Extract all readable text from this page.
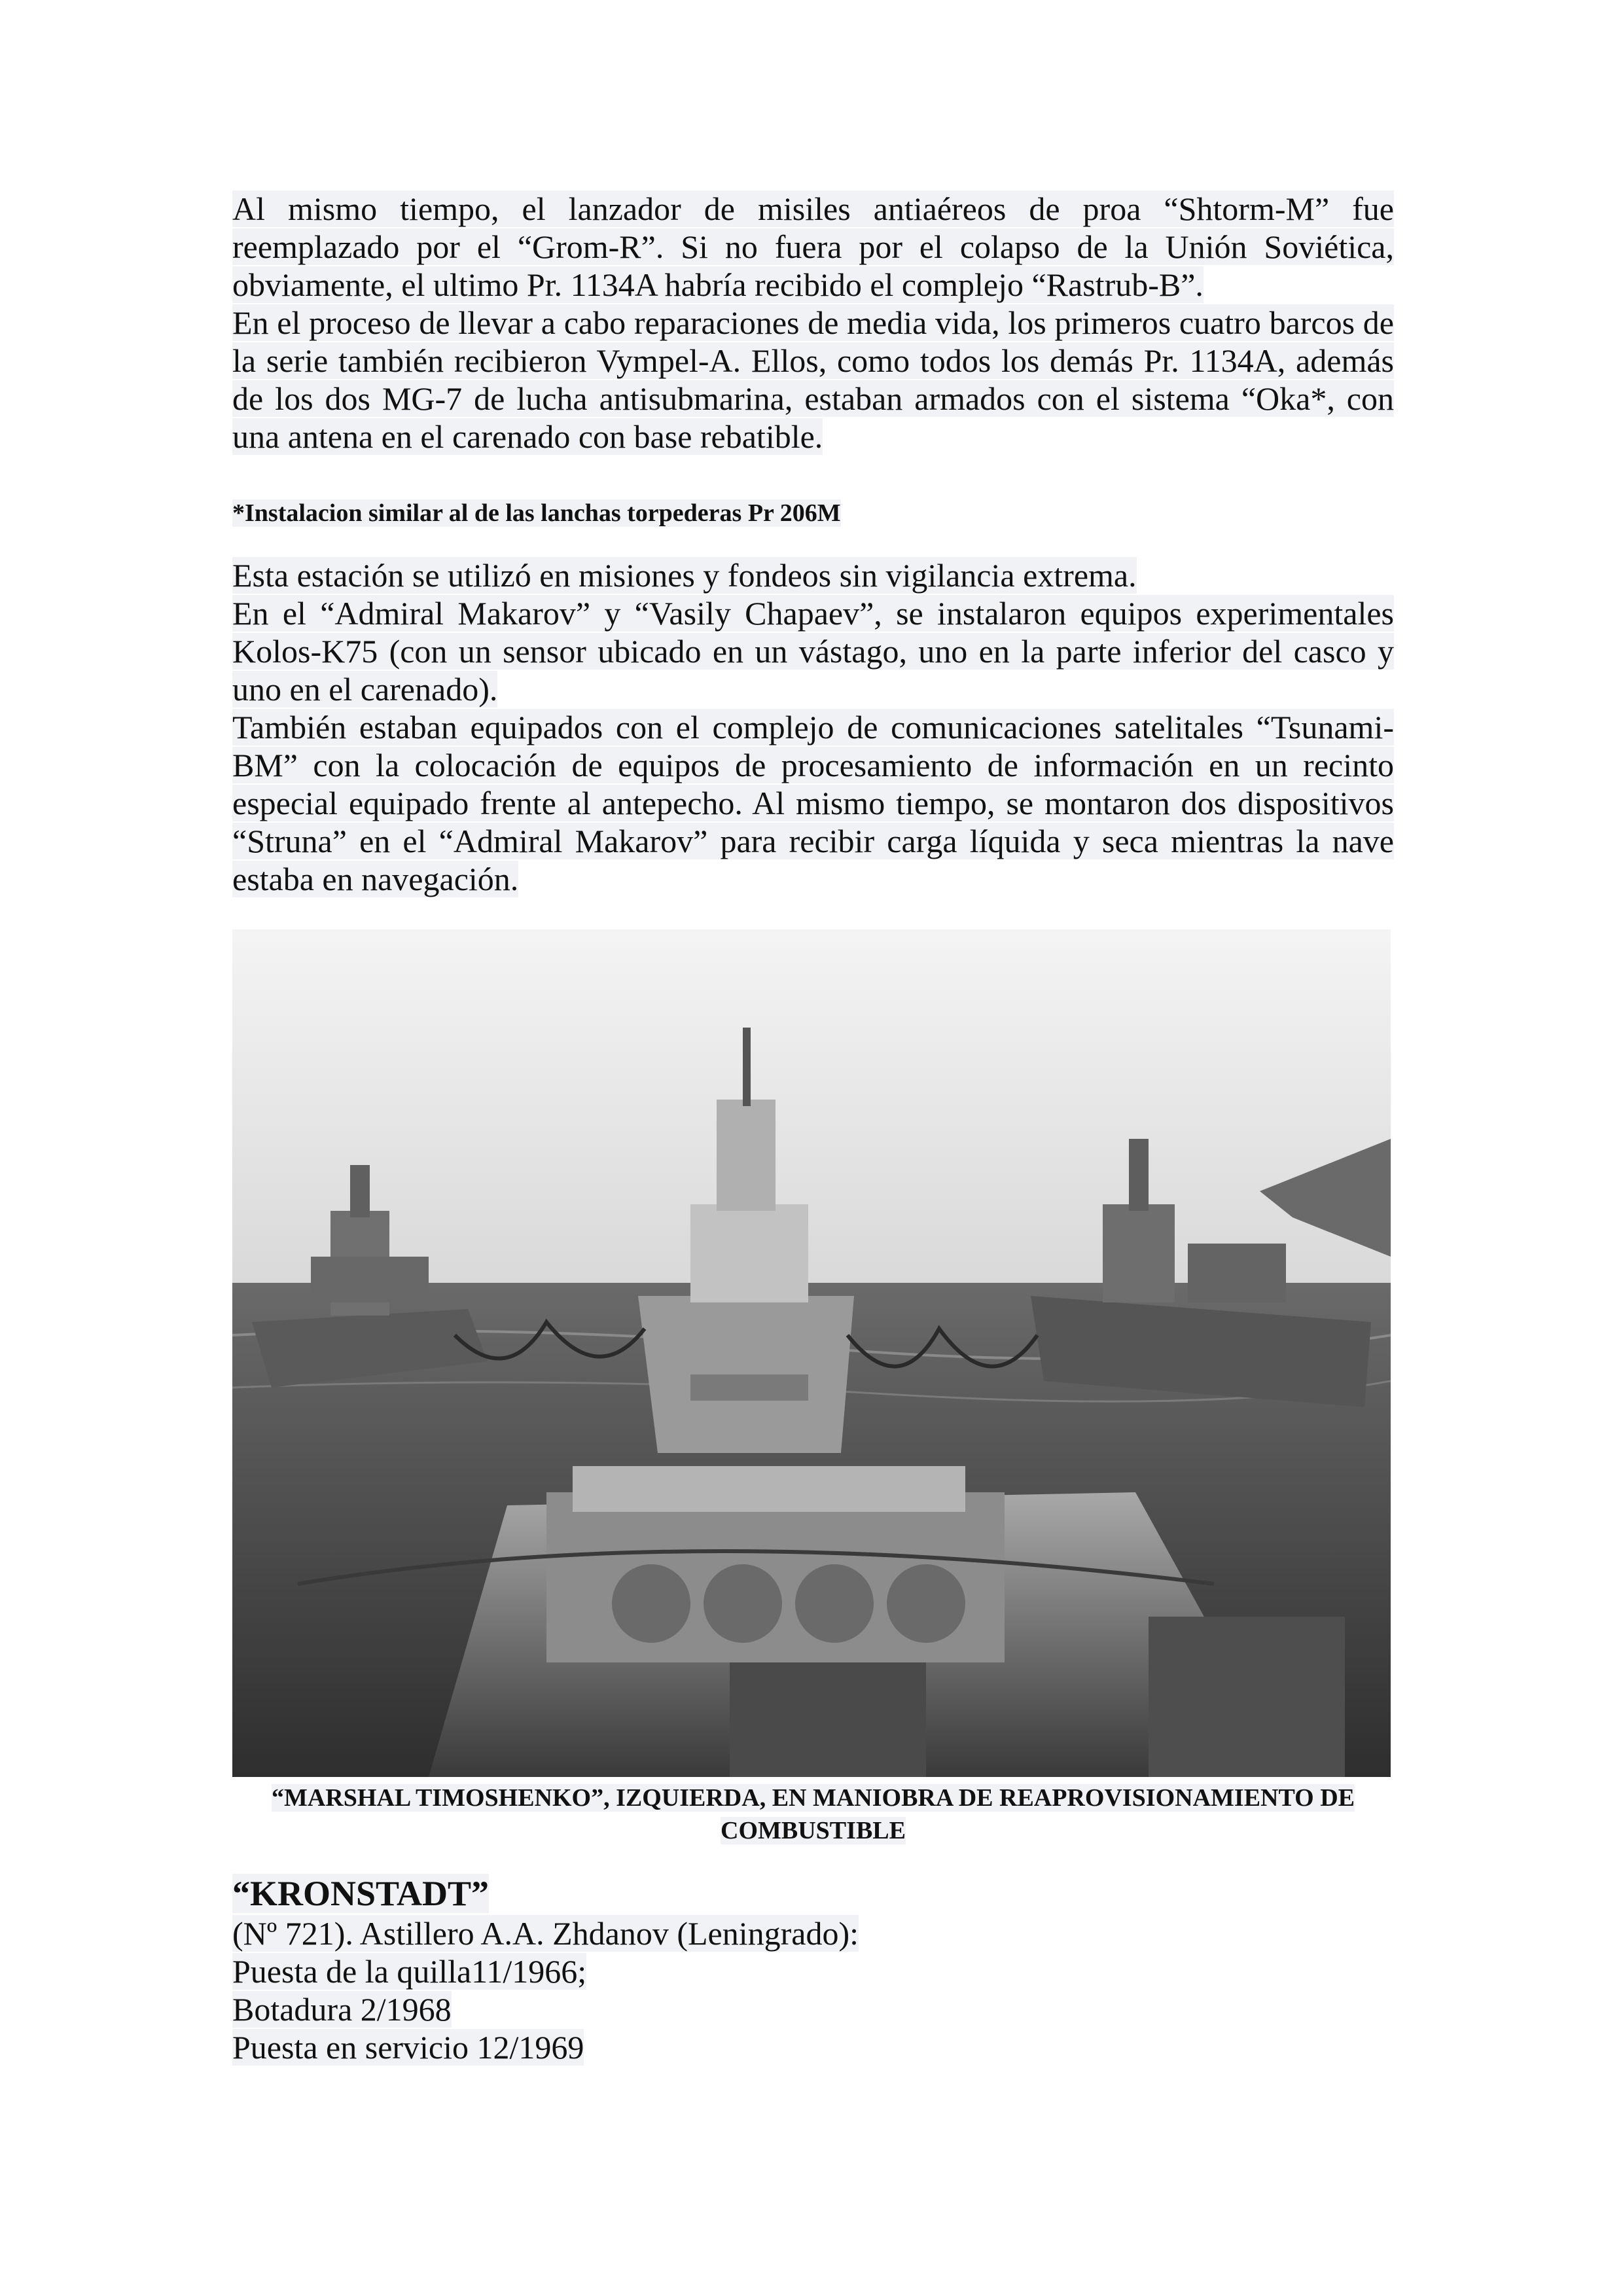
Al mismo tiempo, el lanzador de misiles antiaéreos de proa “Shtorm-M” fue reemplazado por el “Grom-R”. Si no fuera por el colapso de la Unión Soviética, obviamente, el ultimo Pr. 1134A habría recibido el complejo “Rastrub-B”.

En el proceso de llevar a cabo reparaciones de media vida, los primeros cuatro barcos de la serie también recibieron Vympel-A. Ellos, como todos los demás Pr. 1134A, además de los dos MG-7 de lucha antisubmarina, estaban armados con el sistema “Oka*, con una antena en el carenado con base rebatible.

*Instalacion similar al de las lanchas torpederas Pr 206M

Esta estación se utilizó en misiones y fondeos sin vigilancia extrema.

En el “Admiral Makarov” y “Vasily Chapaev”, se instalaron equipos experimentales Kolos-K75 (con un sensor ubicado en un vástago, uno en la parte inferior del casco y uno en el carenado).

También estaban equipados con el complejo de comunicaciones satelitales “Tsunami-BM” con la colocación de equipos de procesamiento de información en un recinto especial equipado frente al antepecho. Al mismo tiempo, se montaron dos dispositivos “Struna” en el “Admiral Makarov” para recibir carga líquida y seca mientras la nave estaba en navegación.

“MARSHAL TIMOSHENKO”, IZQUIERDA, EN MANIOBRA DE REAPROVISIONAMIENTO DE COMBUSTIBLE
“KRONSTADT”
(Nº 721). Astillero A.A. Zhdanov (Leningrado):
Puesta de la quilla11/1966;
Botadura 2/1968
Puesta en servicio 12/1969
